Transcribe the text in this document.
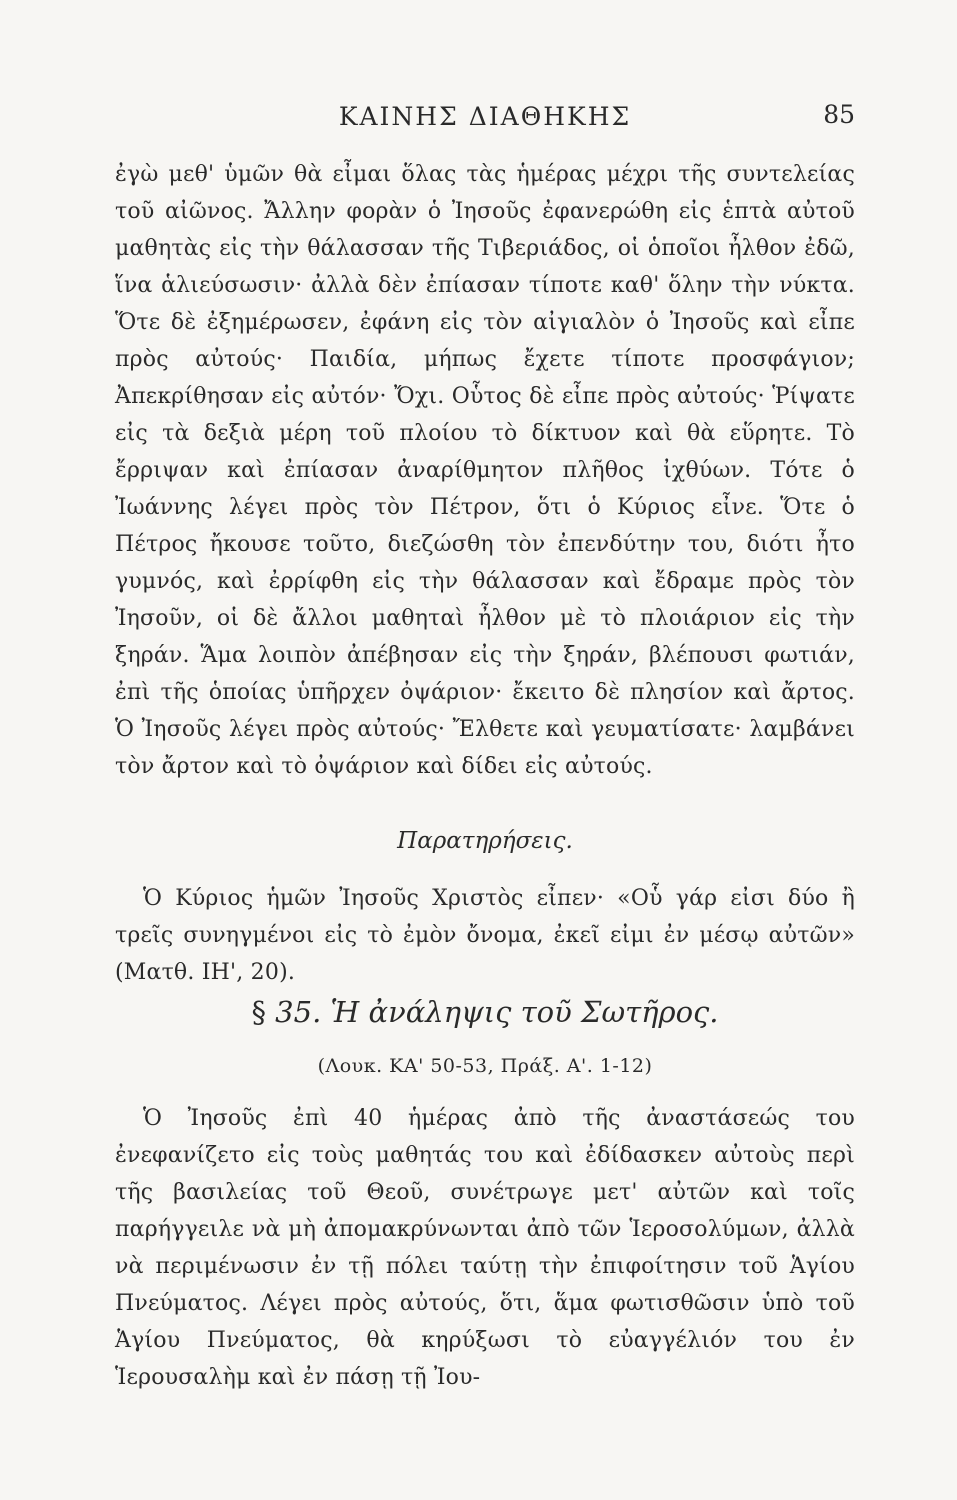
ΚΑΙΝΗΣ ΔΙΑΘΗΚΗΣ	85

ἐγὼ μεθ' ὑμῶν θὰ εἶμαι ὅλας τὰς ἡμέρας μέχρι τῆς συντελείας τοῦ αἰῶνος. Ἄλλην φορὰν ὁ Ἰησοῦς ἐφανερώθη εἰς ἑπτὰ αὐτοῦ μαθητὰς εἰς τὴν θάλασσαν τῆς Τιβεριάδος, οἱ ὁποῖοι ἦλθον ἐδῶ, ἵνα ἁλιεύσωσιν· ἀλλὰ δὲν ἐπίασαν τίποτε καθ' ὅλην τὴν νύκτα. Ὅτε δὲ ἐξημέρωσεν, ἐφάνη εἰς τὸν αἰγιαλὸν ὁ Ἰησοῦς καὶ εἶπε πρὸς αὐτούς· Παιδία, μήπως ἔχετε τίποτε προσφάγιον; Ἀπεκρίθησαν εἰς αὐτόν· Ὄχι. Οὗτος δὲ εἶπε πρὸς αὐτούς· Ῥίψατε εἰς τὰ δεξιὰ μέρη τοῦ πλοίου τὸ δίκτυον καὶ θὰ εὕρητε. Τὸ ἔρριψαν καὶ ἐπίασαν ἀναρίθμητον πλῆθος ἰχθύων. Τότε ὁ Ἰωάννης λέγει πρὸς τὸν Πέτρον, ὅτι ὁ Κύριος εἶνε. Ὅτε ὁ Πέτρος ἤκουσε τοῦτο, διεζώσθη τὸν ἐπενδύτην του, διότι ἦτο γυμνός, καὶ ἐρρίφθη εἰς τὴν θάλασσαν καὶ ἔδραμε πρὸς τὸν Ἰησοῦν, οἱ δὲ ἄλλοι μαθηταὶ ἦλθον μὲ τὸ πλοιάριον εἰς τὴν ξηράν. Ἅμα λοιπὸν ἀπέβησαν εἰς τὴν ξηράν, βλέπουσι φωτιάν, ἐπὶ τῆς ὁποίας ὑπῆρχεν ὀψάριον· ἔκειτο δὲ πλησίον καὶ ἄρτος. Ὁ Ἰησοῦς λέγει πρὸς αὐτούς· Ἔλθετε καὶ γευματίσατε· λαμβάνει τὸν ἄρτον καὶ τὸ ὀψάριον καὶ δίδει εἰς αὐτούς.

Παρατηρήσεις.

Ὁ Κύριος ἡμῶν Ἰησοῦς Χριστὸς εἶπεν· «Οὗ γάρ εἰσι δύο ἢ τρεῖς συνηγμένοι εἰς τὸ ἐμὸν ὄνομα, ἐκεῖ εἰμι ἐν μέσῳ αὐτῶν» (Ματθ. ΙΗ', 20).

§ 35. Ἡ ἀνάληψις τοῦ Σωτῆρος.
(Λουκ. ΚΑ' 50-53, Πράξ. Α'. 1-12)

Ὁ Ἰησοῦς ἐπὶ 40 ἡμέρας ἀπὸ τῆς ἀναστάσεώς του ἐνεφανίζετο εἰς τοὺς μαθητάς του καὶ ἐδίδασκεν αὐτοὺς περὶ τῆς βασιλείας τοῦ Θεοῦ, συνέτρωγε μετ' αὐτῶν καὶ τοῖς παρήγγειλε νὰ μὴ ἀπομακρύνωνται ἀπὸ τῶν Ἱεροσολύμων, ἀλλὰ νὰ περιμένωσιν ἐν τῇ πόλει ταύτῃ τὴν ἐπιφοίτησιν τοῦ Ἁγίου Πνεύματος. Λέγει πρὸς αὐτούς, ὅτι, ἅμα φωτισθῶσιν ὑπὸ τοῦ Ἁγίου Πνεύματος, θὰ κηρύξωσι τὸ εὐαγγέλιόν του ἐν Ἱερουσαλὴμ καὶ ἐν πάσῃ τῇ Ἰου-
